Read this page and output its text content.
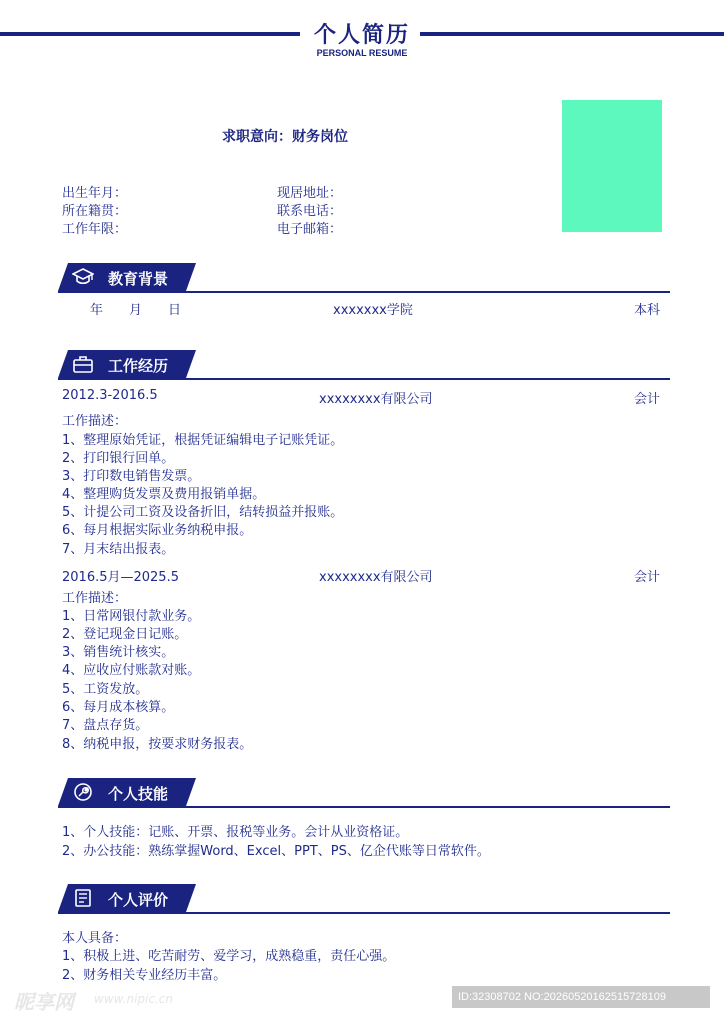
个人简历
PERSONAL RESUME
求职意向：财务岗位
出生年月：
所在籍贯：
工作年限：
现居地址：
联系电话：
电子邮箱：
教育背景
年　　月　　日	xxxxxxx学院	本科
工作经历
2012.3-2016.5	xxxxxxxx有限公司	会计
工作描述：
1、整理原始凭证，根据凭证编辑电子记账凭证。
2、打印银行回单。
3、打印数电销售发票。
4、整理购货发票及费用报销单据。
5、计提公司工资及设备折旧，结转损益并报账。
6、每月根据实际业务纳税申报。
7、月末结出报表。
2016.5月—2025.5	xxxxxxxx有限公司	会计
工作描述：
1、日常网银付款业务。
2、登记现金日记账。
3、销售统计核实。
4、应收应付账款对账。
5、工资发放。
6、每月成本核算。
7、盘点存货。
8、纳税申报，按要求财务报表。
个人技能
1、个人技能：记账、开票、报税等业务。会计从业资格证。
2、办公技能：熟练掌握Word、Excel、PPT、PS、亿企代账等日常软件。
个人评价
本人具备：
1、积极上进、吃苦耐劳、爱学习，成熟稳重，责任心强。
2、财务相关专业经历丰富。
昵享网 www.nipic.cn	ID:32308702 NO:20260520162515728109
